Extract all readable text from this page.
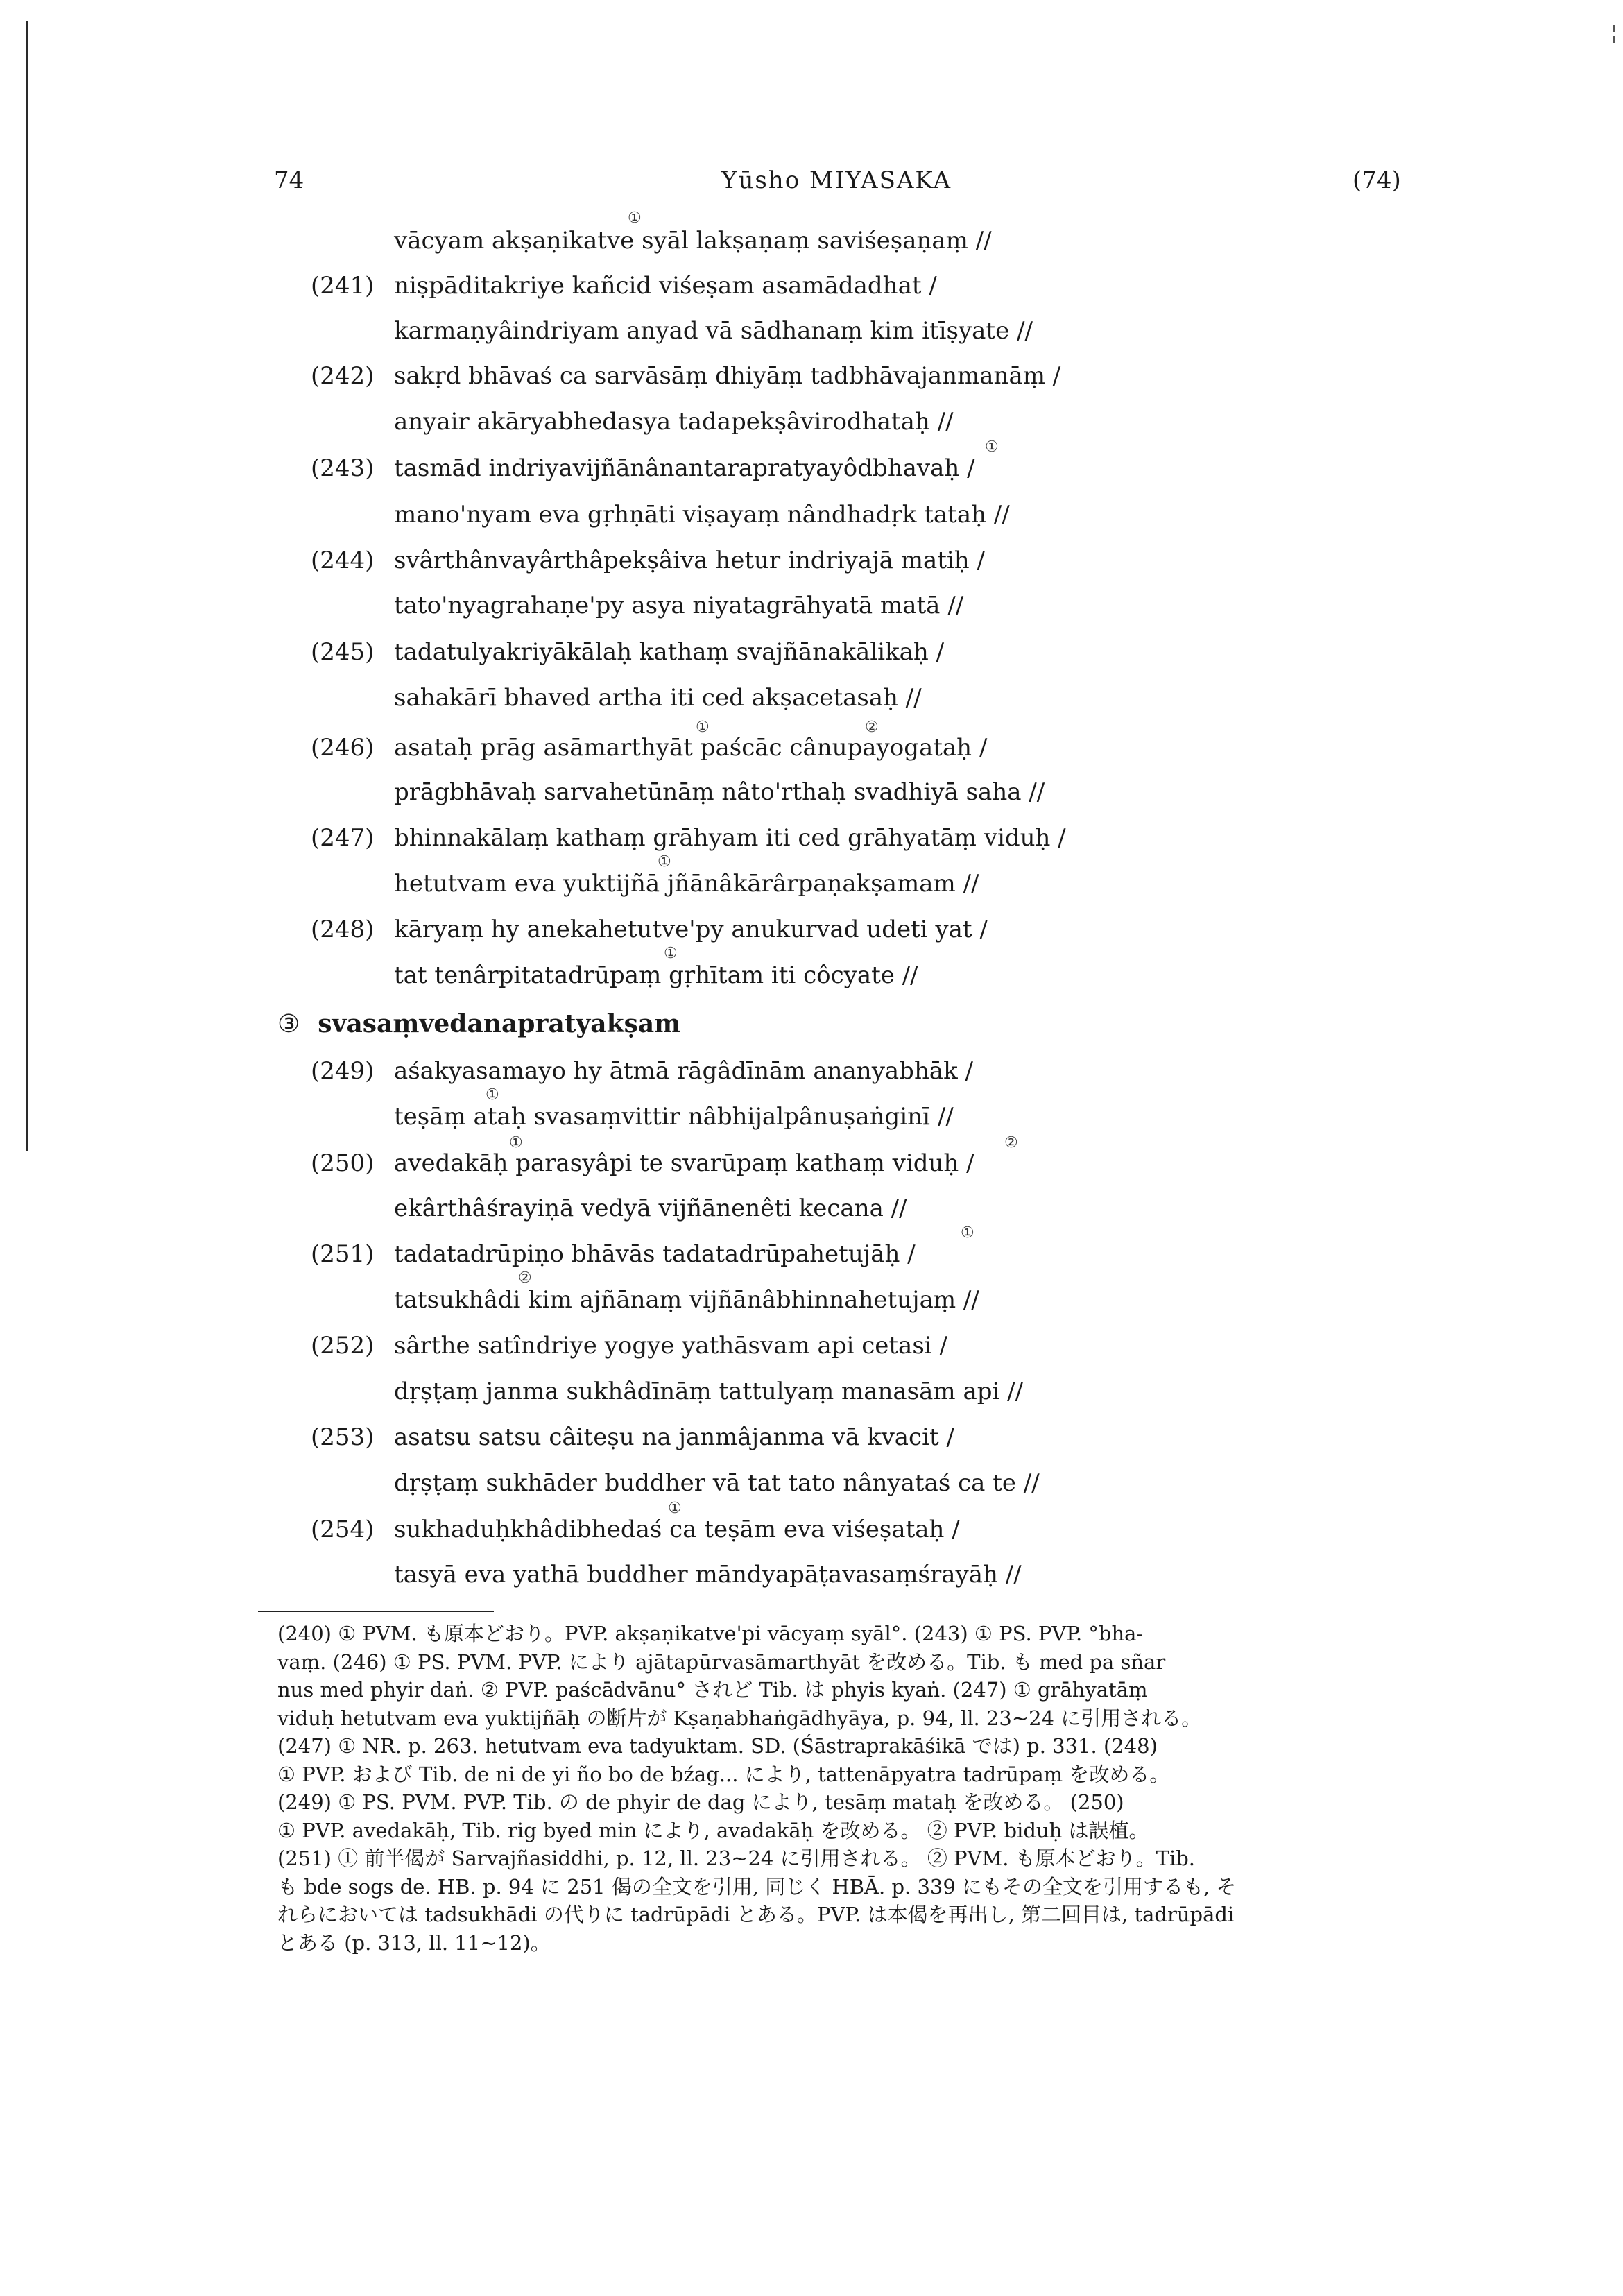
74	Yūsho MIYASAKA	(74)
①
①
①	②
①
①
①
①	②
①
②
①
vācyam akṣaṇikatve syāl lakṣaṇaṃ saviśeṣaṇaṃ //
(241) niṣpāditakriye kañcid viśeṣam asamādadhat /
karmaṇyâindriyam anyad vā sādhanaṃ kim itīṣyate //
(242) sakṛd bhāvaś ca sarvāsāṃ dhiyāṃ tadbhāvajanmanāṃ /
anyair akāryabhedasya tadapekṣâvirodhataḥ //
(243) tasmād indriyavijñānânantarapratyayôdbhavaḥ /
mano'nyam eva gṛhṇāti viṣayaṃ nândhadṛk tataḥ //
(244) svârthânvayârthâpekṣâiva hetur indriyajā matiḥ /
tato'nyagrahaṇe'py asya niyatagrāhyatā matā //
(245) tadatulyakriyākālaḥ kathaṃ svajñānakālikaḥ /
sahakārī bhaved artha iti ced akṣacetasaḥ //
(246) asataḥ prāg asāmarthyāt paścāc cânupayogataḥ /
prāgbhāvaḥ sarvahetūnāṃ nâto'rthaḥ svadhiyā saha //
(247) bhinnakālaṃ kathaṃ grāhyam iti ced grāhyatāṃ viduḥ /
hetutvam eva yuktijñā jñānâkārârpaṇakṣamam //
(248) kāryaṃ hy anekahetutve'py anukurvad udeti yat /
tat tenârpitatadrūpaṃ gṛhītam iti côcyate //
③ svasaṃvedanapratyakṣam
(249) aśakyasamayo hy ātmā rāgâdīnām ananyabhāk /
teṣāṃ ataḥ svasaṃvittir nâbhijalpânuṣaṅginī //
(250) avedakāḥ parasyâpi te svarūpaṃ kathaṃ viduḥ /
ekârthâśrayiṇā vedyā vijñānenêti kecana //
(251) tadatadrūpiṇo bhāvās tadatadrūpahetujāḥ /
tatsukhâdi kim ajñānaṃ vijñānâbhinnahetujaṃ //
(252) sârthe satîndriye yogye yathāsvam api cetasi /
dṛṣṭaṃ janma sukhâdīnāṃ tattulyaṃ manasām api //
(253) asatsu satsu câiteṣu na janmâjanma vā kvacit /
dṛṣṭaṃ sukhāder buddher vā tat tato nânyataś ca te //
(254) sukhaduḥkhâdibhedaś ca teṣām eva viśeṣataḥ /
tasyā eva yathā buddher māndyapāṭavasaṃśrayāḥ //
(240) ① PVM. も原本どおり。PVP. akṣaṇikatve'pi vācyaṃ syāl°. (243) ① PS. PVP. °bha-
vaṃ. (246) ① PS. PVM. PVP. により ajātapūrvasāmarthyāt を改める。Tib. も med pa sñar
nus med phyir daṅ. ② PVP. paścādvānu° されど Tib. は phyis kyaṅ. (247) ① grāhyatāṃ
viduḥ hetutvam eva yuktijñāḥ の断片が Kṣaṇabhaṅgādhyāya, p. 94, ll. 23~24 に引用される。
(247) ① NR. p. 263. hetutvam eva tadyuktam. SD. (Śāstraprakāśikā では) p. 331. (248)
① PVP. および Tib. de ni de yi ño bo de bźag... により, tattenāpyatra tadrūpaṃ を改める。
(249) ① PS. PVM. PVP. Tib. の de phyir de dag により, tesāṃ mataḥ を改める。 (250)
① PVP. avedakāḥ, Tib. rig byed min により, avadakāḥ を改める。 ② PVP. biduḥ は誤植。
(251) ① 前半偈が Sarvajñasiddhi, p. 12, ll. 23~24 に引用される。 ② PVM. も原本どおり。Tib.
も bde sogs de. HB. p. 94 に 251 偈の全文を引用, 同じく HBĀ. p. 339 にもその全文を引用するも, そ
れらにおいては tadsukhādi の代りに tadrūpādi とある。PVP. は本偈を再出し, 第二回目は, tadrūpādi
とある (p. 313, ll. 11~12)。
